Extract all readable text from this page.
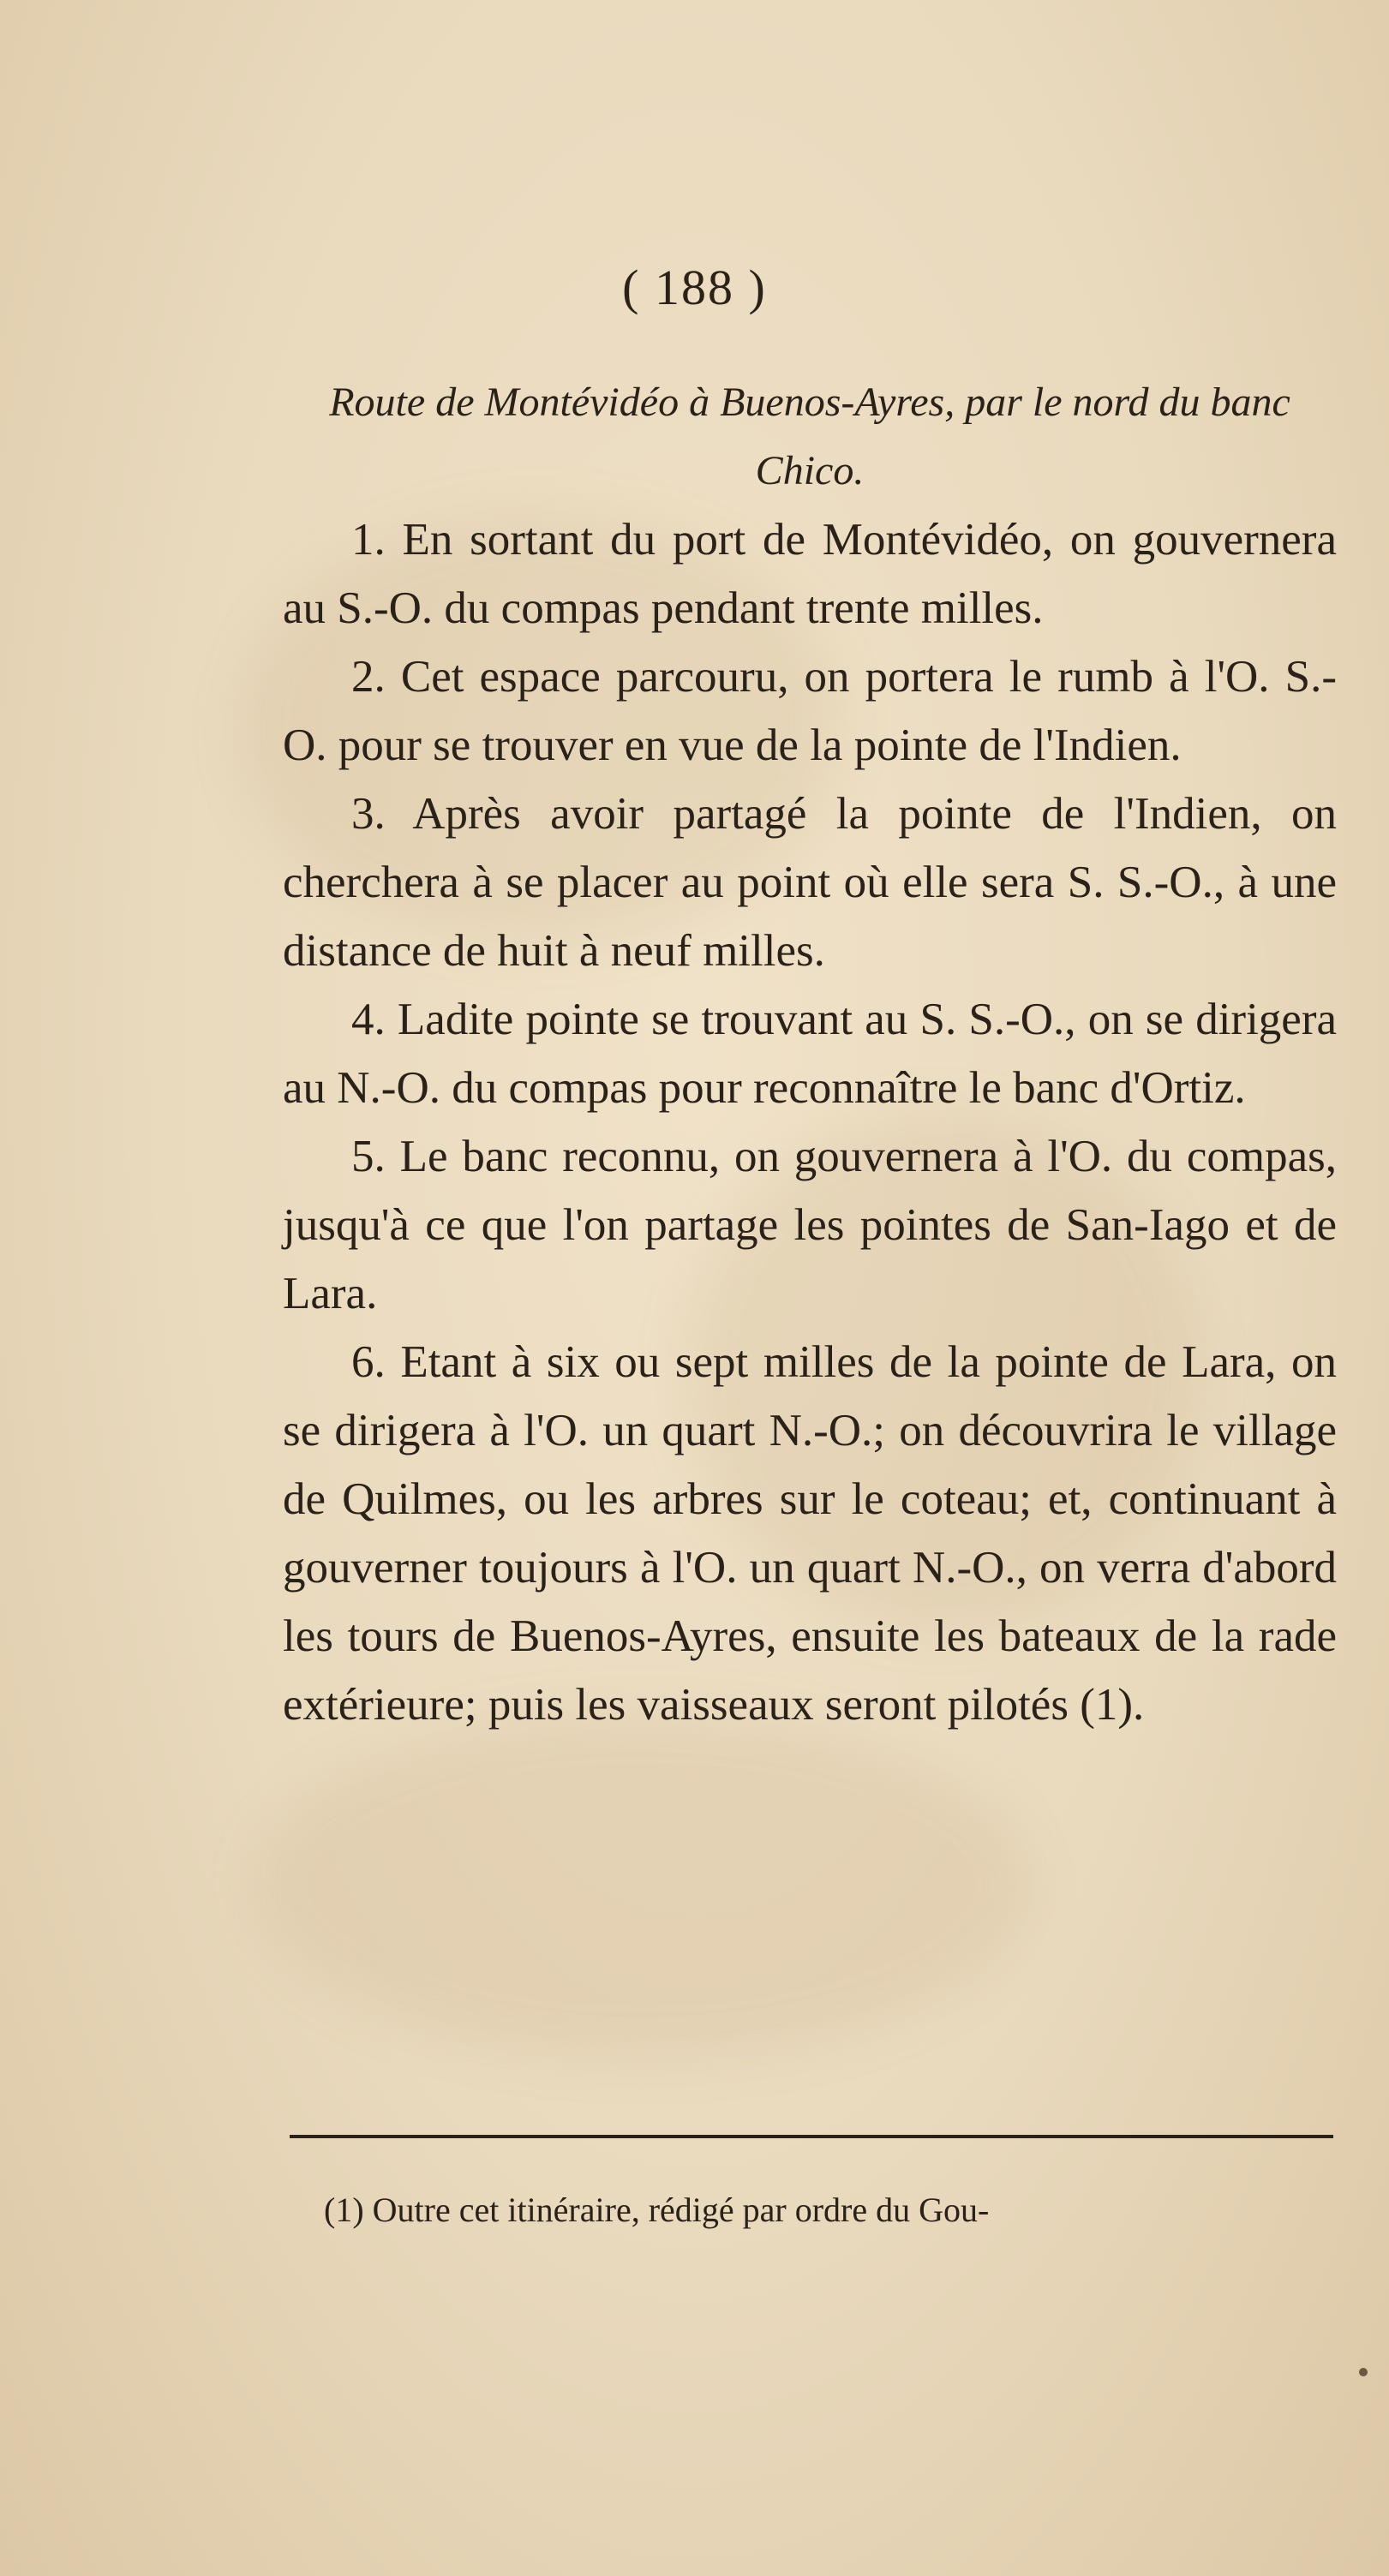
( 188 )
Route de Montévidéo à Buenos-Ayres, par le nord du banc Chico.

1. En sortant du port de Montévidéo, on gouvernera au S.-O. du compas pendant trente milles.

2. Cet espace parcouru, on portera le rumb à l'O. S.-O. pour se trouver en vue de la pointe de l'Indien.

3. Après avoir partagé la pointe de l'Indien, on cherchera à se placer au point où elle sera S. S.-O., à une distance de huit à neuf milles.

4. Ladite pointe se trouvant au S. S.-O., on se dirigera au N.-O. du compas pour reconnaître le banc d'Ortiz.

5. Le banc reconnu, on gouvernera à l'O. du compas, jusqu'à ce que l'on partage les pointes de San-Iago et de Lara.

6. Etant à six ou sept milles de la pointe de Lara, on se dirigera à l'O. un quart N.-O.; on découvrira le village de Quilmes, ou les arbres sur le coteau; et, continuant à gouverner toujours à l'O. un quart N.-O., on verra d'abord les tours de Buenos-Ayres, ensuite les bateaux de la rade extérieure; puis les vaisseaux seront pilotés (1).

(1) Outre cet itinéraire, rédigé par ordre du Gou-
